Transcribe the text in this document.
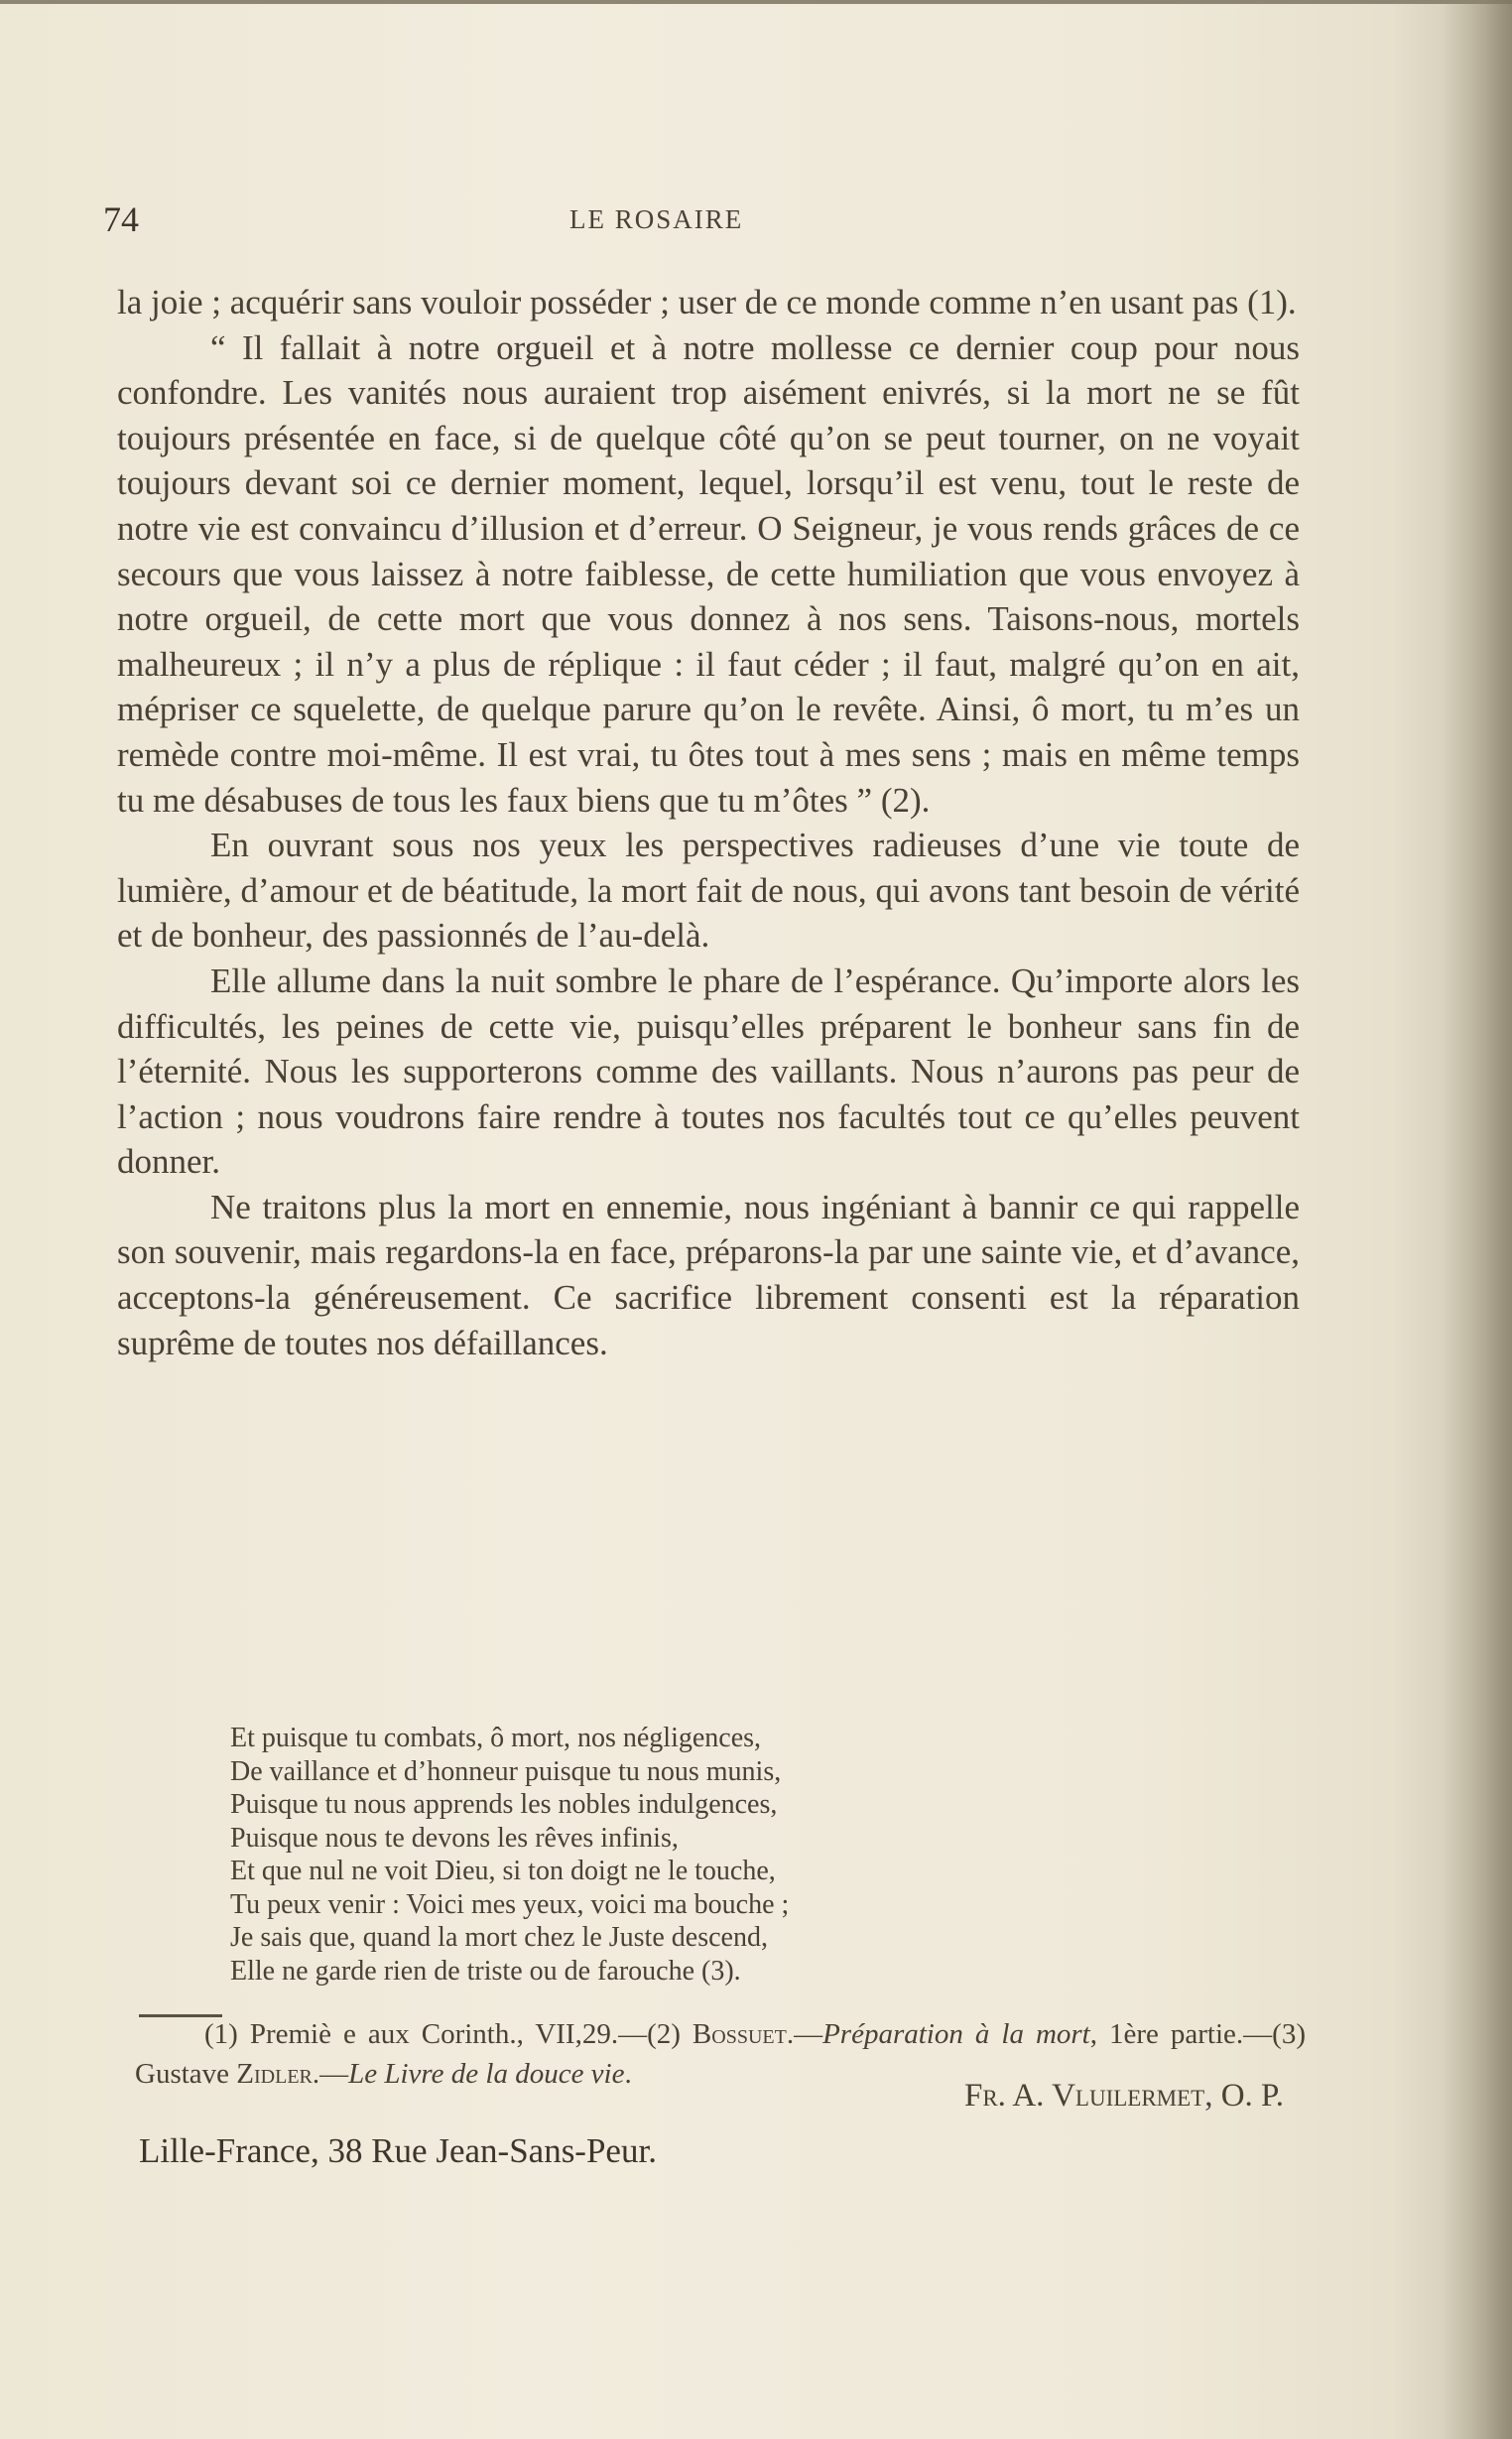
74	LE ROSAIRE

la joie ; acquérir sans vouloir posséder ; user de ce monde comme n’en usant pas (1).

“ Il fallait à notre orgueil et à notre mollesse ce dernier coup pour nous confondre. Les vanités nous auraient trop aisément enivrés, si la mort ne se fût toujours présentée en face, si de quelque côté qu’on se peut tourner, on ne voyait toujours devant soi ce dernier moment, lequel, lorsqu’il est venu, tout le reste de notre vie est convaincu d’illusion et d’erreur. O Seigneur, je vous rends grâces de ce secours que vous laissez à notre faiblesse, de cette humiliation que vous envoyez à notre orgueil, de cette mort que vous donnez à nos sens. Taisons-nous, mortels malheureux ; il n’y a plus de réplique : il faut céder ; il faut, malgré qu’on en ait, mépriser ce squelette, de quelque parure qu’on le revête. Ainsi, ô mort, tu m’es un remède contre moi-même. Il est vrai, tu ôtes tout à mes sens ; mais en même temps tu me désabuses de tous les faux biens que tu m’ôtes ” (2).

En ouvrant sous nos yeux les perspectives radieuses d’une vie toute de lumière, d’amour et de béatitude, la mort fait de nous, qui avons tant besoin de vérité et de bonheur, des passionnés de l’au-delà.

Elle allume dans la nuit sombre le phare de l’espérance. Qu’importe alors les difficultés, les peines de cette vie, puisqu’elles préparent le bonheur sans fin de l’éternité. Nous les supporterons comme des vaillants. Nous n’aurons pas peur de l’action ; nous voudrons faire rendre à toutes nos facultés tout ce qu’elles peuvent donner.

Ne traitons plus la mort en ennemie, nous ingéniant à bannir ce qui rappelle son souvenir, mais regardons-la en face, préparons-la par une sainte vie, et d’avance, acceptons-la généreusement. Ce sacrifice librement consenti est la réparation suprême de toutes nos défaillances.

Et puisque tu combats, ô mort, nos négligences,
De vaillance et d’honneur puisque tu nous munis,
Puisque tu nous apprends les nobles indulgences,
Puisque nous te devons les rêves infinis,
Et que nul ne voit Dieu, si ton doigt ne le touche,
Tu peux venir : Voici mes yeux, voici ma bouche ;
Je sais que, quand la mort chez le Juste descend,
Elle ne garde rien de triste ou de farouche (3).

(1) Premiè e aux Corinth., VII,29.—(2) Bossuet.—Préparation à la mort, 1ère partie.—(3) Gustave Zidler.—Le Livre de la douce vie.

Fr. A. Vluilermet, O. P.
Lille-France, 38 Rue Jean-Sans-Peur.
